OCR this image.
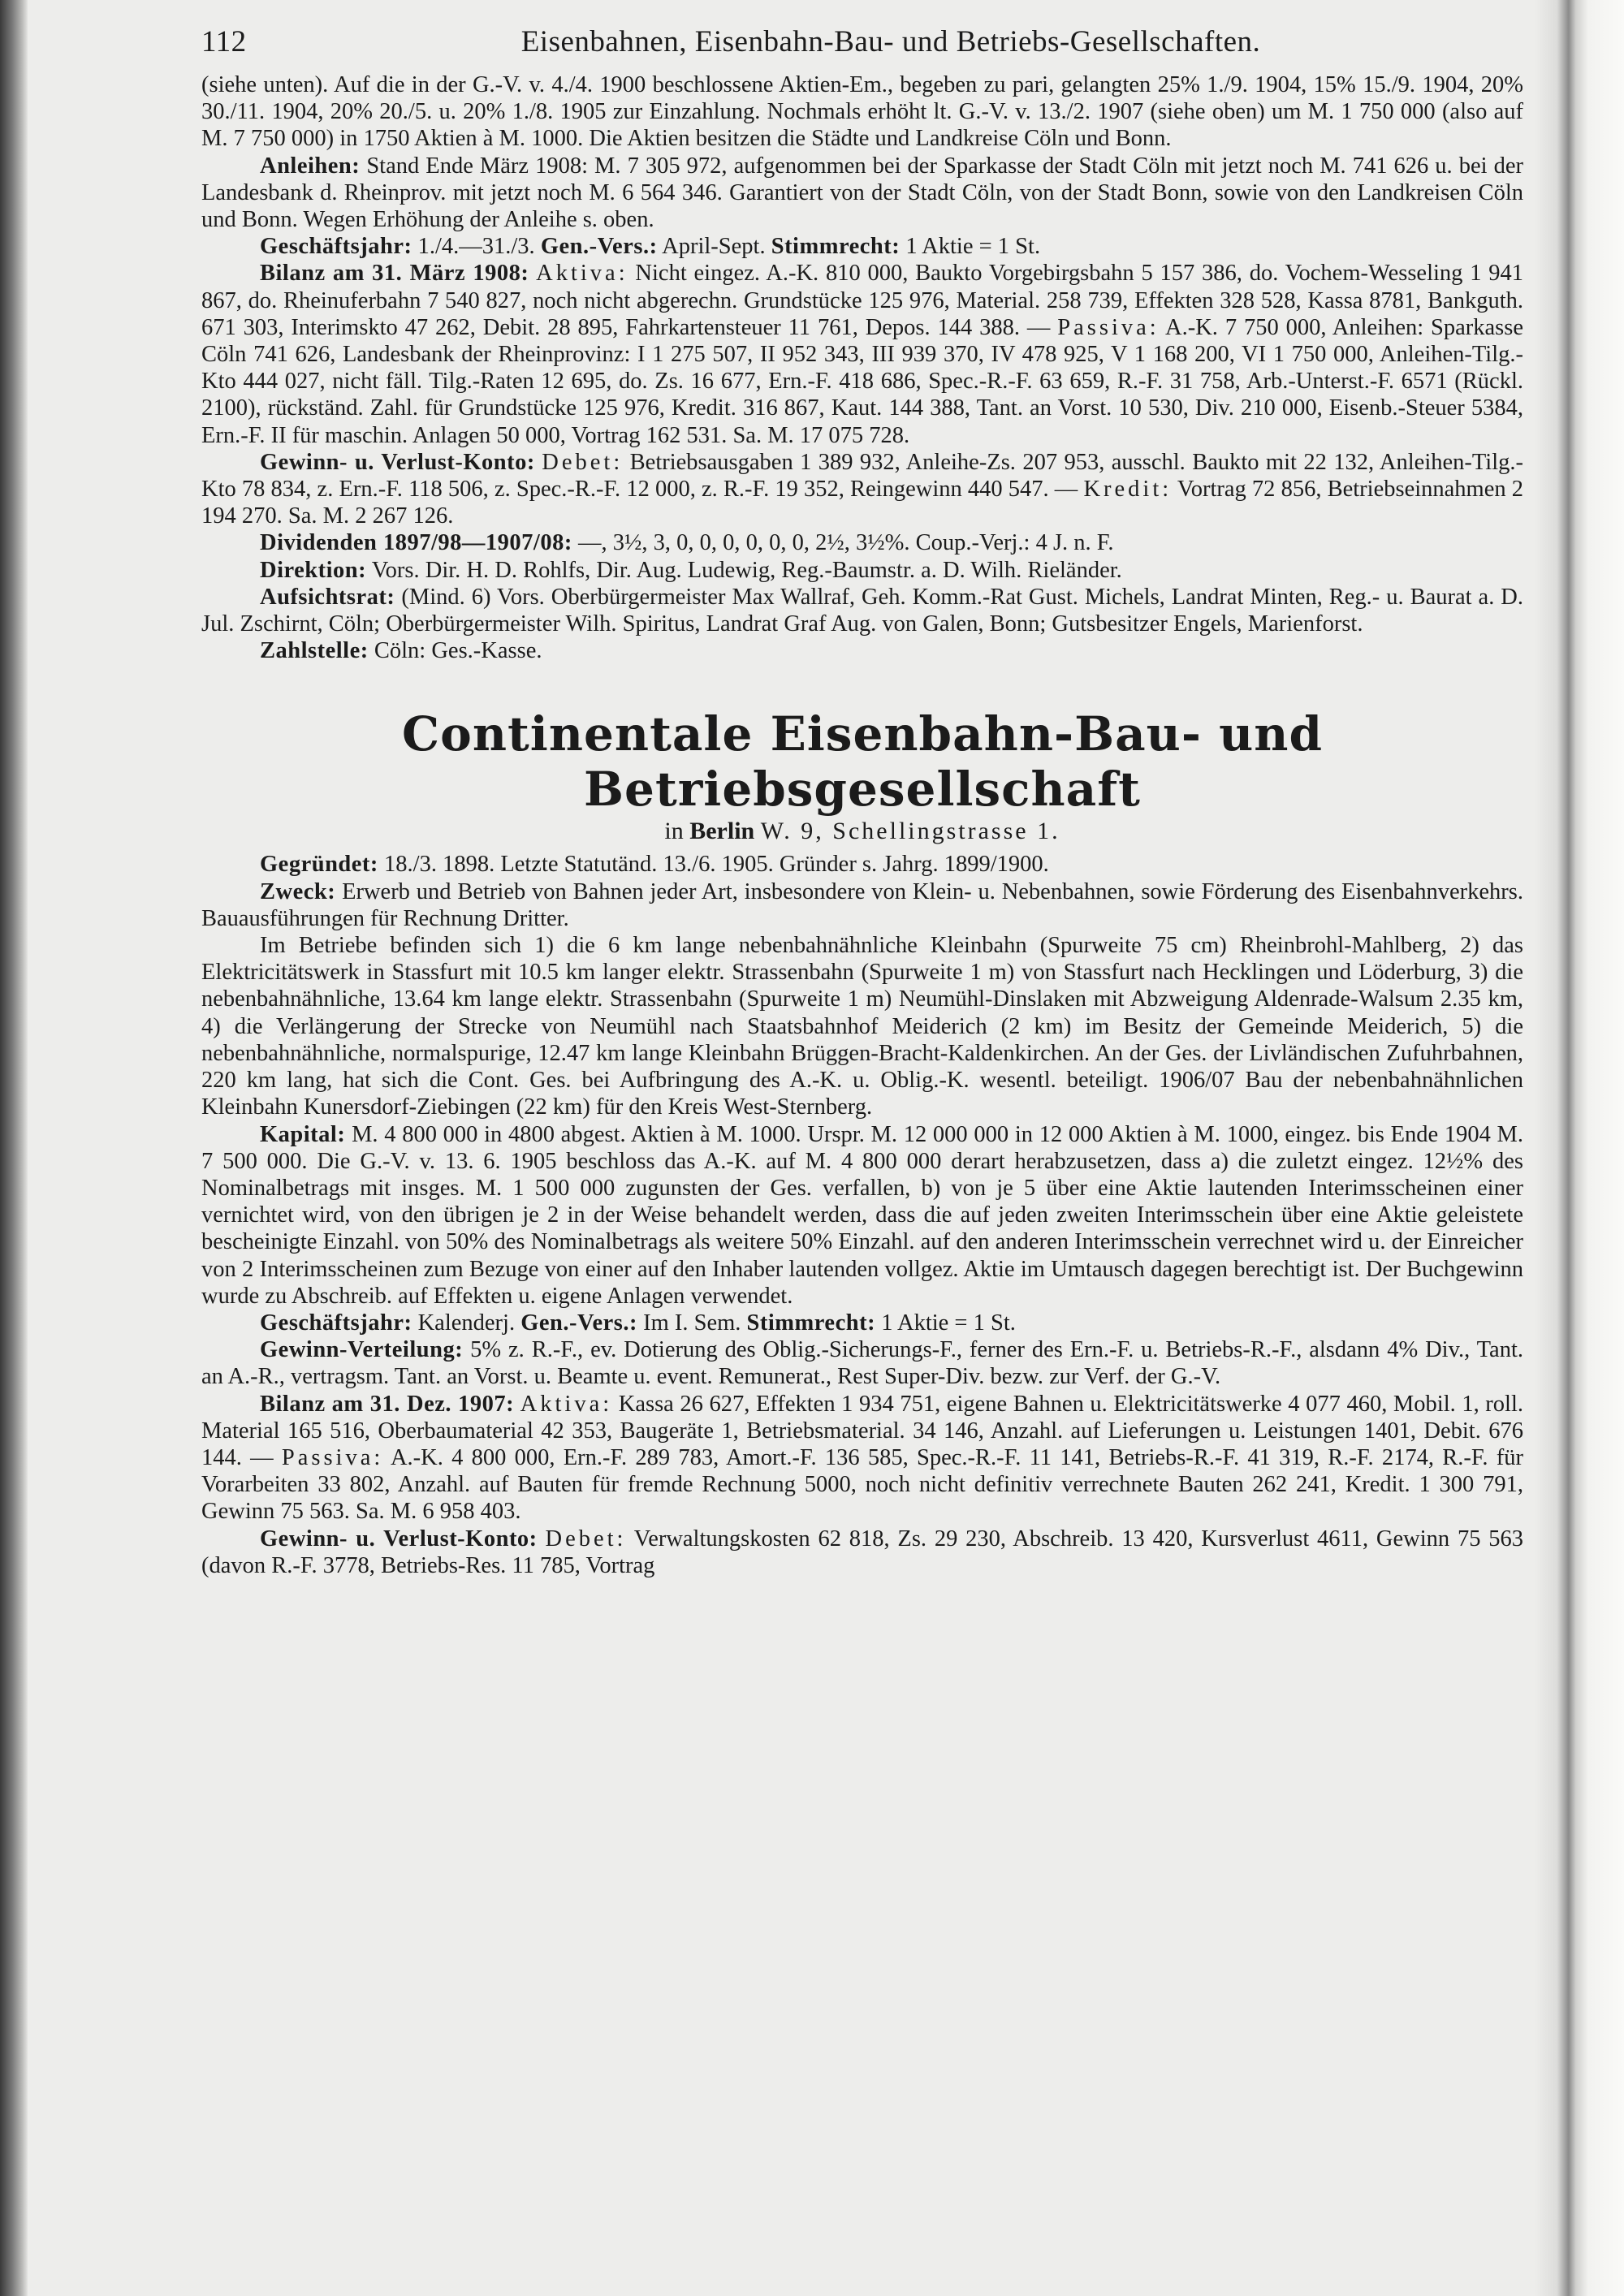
112	Eisenbahnen, Eisenbahn-Bau- und Betriebs-Gesellschaften.

(siehe unten). Auf die in der G.-V. v. 4./4. 1900 beschlossene Aktien-Em., begeben zu pari, gelangten 25% 1./9. 1904, 15% 15./9. 1904, 20% 30./11. 1904, 20% 20./5. u. 20% 1./8. 1905 zur Einzahlung. Nochmals erhöht lt. G.-V. v. 13./2. 1907 (siehe oben) um M. 1 750 000 (also auf M. 7 750 000) in 1750 Aktien à M. 1000. Die Aktien besitzen die Städte und Landkreise Cöln und Bonn.

Anleihen: Stand Ende März 1908: M. 7 305 972, aufgenommen bei der Sparkasse der Stadt Cöln mit jetzt noch M. 741 626 u. bei der Landesbank d. Rheinprov. mit jetzt noch M. 6 564 346. Garantiert von der Stadt Cöln, von der Stadt Bonn, sowie von den Landkreisen Cöln und Bonn. Wegen Erhöhung der Anleihe s. oben.

Geschäftsjahr: 1./4.—31./3. Gen.-Vers.: April-Sept. Stimmrecht: 1 Aktie = 1 St.

Bilanz am 31. März 1908: Aktiva: Nicht eingez. A.-K. 810 000, Baukto Vorgebirgsbahn 5 157 386, do. Vochem-Wesseling 1 941 867, do. Rheinuferbahn 7 540 827, noch nicht abgerechn. Grundstücke 125 976, Material. 258 739, Effekten 328 528, Kassa 8781, Bankguth. 671 303, Interimskto 47 262, Debit. 28 895, Fahrkartensteuer 11 761, Depos. 144 388. — Passiva: A.-K. 7 750 000, Anleihen: Sparkasse Cöln 741 626, Landesbank der Rheinprovinz: I 1 275 507, II 952 343, III 939 370, IV 478 925, V 1 168 200, VI 1 750 000, Anleihen-Tilg.-Kto 444 027, nicht fäll. Tilg.-Raten 12 695, do. Zs. 16 677, Ern.-F. 418 686, Spec.-R.-F. 63 659, R.-F. 31 758, Arb.-Unterst.-F. 6571 (Rückl. 2100), rückständ. Zahl. für Grundstücke 125 976, Kredit. 316 867, Kaut. 144 388, Tant. an Vorst. 10 530, Div. 210 000, Eisenb.-Steuer 5384, Ern.-F. II für maschin. Anlagen 50 000, Vortrag 162 531. Sa. M. 17 075 728.

Gewinn- u. Verlust-Konto: Debet: Betriebsausgaben 1 389 932, Anleihe-Zs. 207 953, ausschl. Baukto mit 22 132, Anleihen-Tilg.-Kto 78 834, z. Ern.-F. 118 506, z. Spec.-R.-F. 12 000, z. R.-F. 19 352, Reingewinn 440 547. — Kredit: Vortrag 72 856, Betriebseinnahmen 2 194 270. Sa. M. 2 267 126.

Dividenden 1897/98—1907/08: —, 3½, 3, 0, 0, 0, 0, 0, 0, 2½, 3½%. Coup.-Verj.: 4 J. n. F.

Direktion: Vors. Dir. H. D. Rohlfs, Dir. Aug. Ludewig, Reg.-Baumstr. a. D. Wilh. Rieländer.

Aufsichtsrat: (Mind. 6) Vors. Oberbürgermeister Max Wallraf, Geh. Komm.-Rat Gust. Michels, Landrat Minten, Reg.- u. Baurat a. D. Jul. Zschirnt, Cöln; Oberbürgermeister Wilh. Spiritus, Landrat Graf Aug. von Galen, Bonn; Gutsbesitzer Engels, Marienforst.

Zahlstelle: Cöln: Ges.-Kasse.

Continentale Eisenbahn-Bau- und Betriebsgesellschaft
in Berlin W. 9, Schellingstrasse 1.

Gegründet: 18./3. 1898. Letzte Statutänd. 13./6. 1905. Gründer s. Jahrg. 1899/1900.

Zweck: Erwerb und Betrieb von Bahnen jeder Art, insbesondere von Klein- u. Nebenbahnen, sowie Förderung des Eisenbahnverkehrs. Bauausführungen für Rechnung Dritter.

Im Betriebe befinden sich 1) die 6 km lange nebenbahnähnliche Kleinbahn (Spurweite 75 cm) Rheinbrohl-Mahlberg, 2) das Elektricitätswerk in Stassfurt mit 10.5 km langer elektr. Strassenbahn (Spurweite 1 m) von Stassfurt nach Hecklingen und Löderburg, 3) die nebenbahnähnliche, 13.64 km lange elektr. Strassenbahn (Spurweite 1 m) Neumühl-Dinslaken mit Abzweigung Aldenrade-Walsum 2.35 km, 4) die Verlängerung der Strecke von Neumühl nach Staatsbahnhof Meiderich (2 km) im Besitz der Gemeinde Meiderich, 5) die nebenbahnähnliche, normalspurige, 12.47 km lange Kleinbahn Brüggen-Bracht-Kaldenkirchen. An der Ges. der Livländischen Zufuhrbahnen, 220 km lang, hat sich die Cont. Ges. bei Aufbringung des A.-K. u. Oblig.-K. wesentl. beteiligt. 1906/07 Bau der nebenbahnähnlichen Kleinbahn Kunersdorf-Ziebingen (22 km) für den Kreis West-Sternberg.

Kapital: M. 4 800 000 in 4800 abgest. Aktien à M. 1000. Urspr. M. 12 000 000 in 12 000 Aktien à M. 1000, eingez. bis Ende 1904 M. 7 500 000. Die G.-V. v. 13. 6. 1905 beschloss das A.-K. auf M. 4 800 000 derart herabzusetzen, dass a) die zuletzt eingez. 12½% des Nominalbetrags mit insges. M. 1 500 000 zugunsten der Ges. verfallen, b) von je 5 über eine Aktie lautenden Interimsscheinen einer vernichtet wird, von den übrigen je 2 in der Weise behandelt werden, dass die auf jeden zweiten Interimsschein über eine Aktie geleistete bescheinigte Einzahl. von 50% des Nominalbetrags als weitere 50% Einzahl. auf den anderen Interimsschein verrechnet wird u. der Einreicher von 2 Interimsscheinen zum Bezuge von einer auf den Inhaber lautenden vollgez. Aktie im Umtausch dagegen berechtigt ist. Der Buchgewinn wurde zu Abschreib. auf Effekten u. eigene Anlagen verwendet.

Geschäftsjahr: Kalenderj. Gen.-Vers.: Im I. Sem. Stimmrecht: 1 Aktie = 1 St.

Gewinn-Verteilung: 5% z. R.-F., ev. Dotierung des Oblig.-Sicherungs-F., ferner des Ern.-F. u. Betriebs-R.-F., alsdann 4% Div., Tant. an A.-R., vertragsm. Tant. an Vorst. u. Beamte u. event. Remunerat., Rest Super-Div. bezw. zur Verf. der G.-V.

Bilanz am 31. Dez. 1907: Aktiva: Kassa 26 627, Effekten 1 934 751, eigene Bahnen u. Elektricitätswerke 4 077 460, Mobil. 1, roll. Material 165 516, Oberbaumaterial 42 353, Baugeräte 1, Betriebsmaterial. 34 146, Anzahl. auf Lieferungen u. Leistungen 1401, Debit. 676 144. — Passiva: A.-K. 4 800 000, Ern.-F. 289 783, Amort.-F. 136 585, Spec.-R.-F. 11 141, Betriebs-R.-F. 41 319, R.-F. 2174, R.-F. für Vorarbeiten 33 802, Anzahl. auf Bauten für fremde Rechnung 5000, noch nicht definitiv verrechnete Bauten 262 241, Kredit. 1 300 791, Gewinn 75 563. Sa. M. 6 958 403.

Gewinn- u. Verlust-Konto: Debet: Verwaltungskosten 62 818, Zs. 29 230, Abschreib. 13 420, Kursverlust 4611, Gewinn 75 563 (davon R.-F. 3778, Betriebs-Res. 11 785, Vortrag
